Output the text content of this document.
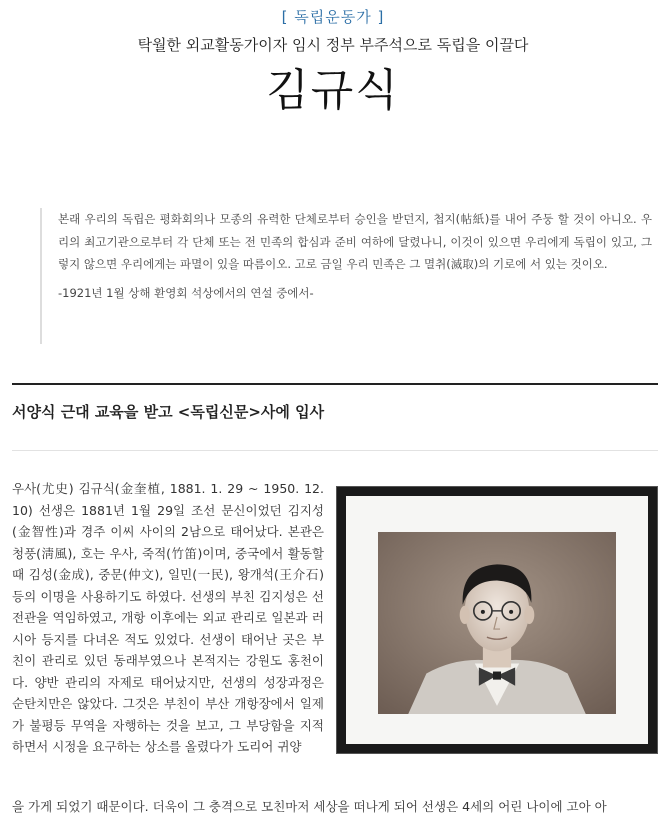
[ 독립운동가 ]
탁월한 외교활동가이자 임시 정부 부주석으로 독립을 이끌다
김규식

본래 우리의 독립은 평화회의나 모종의 유력한 단체로부터 승인을 받던지, 첩지(帖紙)를 내어 주둥 할 것이 아니오. 우리의 최고기관으로부터 각 단체 또는 전 민족의 합심과 준비 여하에 달렸나니, 이것이 있으면 우리에게 독립이 있고, 그렇지 않으면 우리에게는 파멸이 있을 따름이오. 고로 금일 우리 민족은 그 멸취(滅取)의 기로에 서 있는 것이오.

-1921년 1월 상해 환영회 석상에서의 연설 중에서-

서양식 근대 교육을 받고 <독립신문>사에 입사

우사(尤史) 김규식(金奎植, 1881. 1. 29 ~ 1950. 12. 10) 선생은 1881년 1월 29일 조선 문신이었던 김지성(金智性)과 경주 이씨 사이의 2남으로 태어났다. 본관은 청풍(淸風), 호는 우사, 죽적(竹笛)이며, 중국에서 활동할 때 김성(金成), 중문(仲文), 일민(一民), 왕개석(王介石) 등의 이명을 사용하기도 하였다. 선생의 부친 김지성은 선전관을 역임하였고, 개항 이후에는 외교 관리로 일본과 러시아 등지를 다녀온 적도 있었다. 선생이 태어난 곳은 부친이 관리로 있던 동래부였으나 본적지는 강원도 홍천이다. 양반 관리의 자제로 태어났지만, 선생의 성장과정은 순탄치만은 않았다. 그것은 부친이 부산 개항장에서 일제가 불평등 무역을 자행하는 것을 보고, 그 부당함을 지적하면서 시정을 요구하는 상소를 올렸다가 도리어 귀양

을 가게 되었기 때문이다. 더욱이 그 충격으로 모친마저 세상을 떠나게 되어 선생은 4세의 어린 나이에 고아 아
